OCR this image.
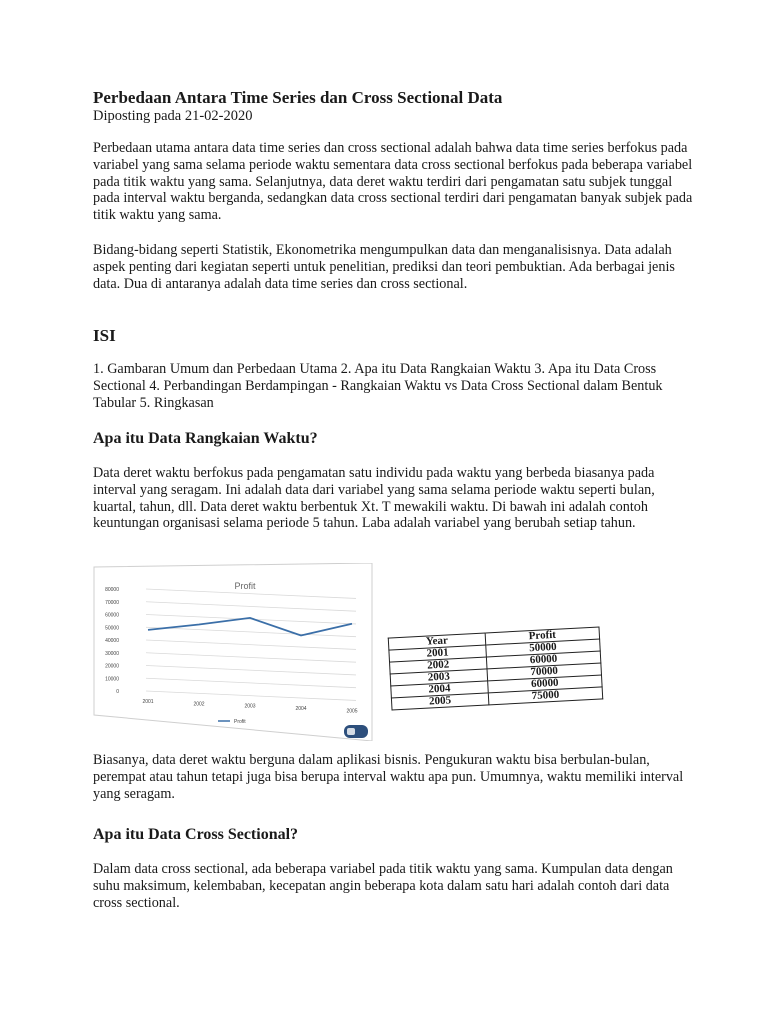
Perbedaan Antara Time Series dan Cross Sectional Data
Diposting pada 21-02-2020

Perbedaan utama antara data time series dan cross sectional adalah bahwa data time series berfokus pada variabel yang sama selama periode waktu sementara data cross sectional berfokus pada beberapa variabel pada titik waktu yang sama. Selanjutnya, data deret waktu terdiri dari pengamatan satu subjek tunggal pada interval waktu berganda, sedangkan data cross sectional terdiri dari pengamatan banyak subjek pada titik waktu yang sama.

Bidang-bidang seperti Statistik, Ekonometrika mengumpulkan data dan menganalisisnya. Data adalah aspek penting dari kegiatan seperti untuk penelitian, prediksi dan teori pembuktian. Ada berbagai jenis data. Dua di antaranya adalah data time series dan cross sectional.

ISI

1. Gambaran Umum dan Perbedaan Utama 2. Apa itu Data Rangkaian Waktu 3. Apa itu Data Cross Sectional 4. Perbandingan Berdampingan - Rangkaian Waktu vs Data Cross Sectional dalam Bentuk Tabular 5. Ringkasan

Apa itu Data Rangkaian Waktu?

Data deret waktu berfokus pada pengamatan satu individu pada waktu yang berbeda biasanya pada interval yang seragam. Ini adalah data dari variabel yang sama selama periode waktu seperti bulan, kuartal, tahun, dll. Data deret waktu berbentuk Xt. T mewakili waktu. Di bawah ini adalah contoh keuntungan organisasi selama periode 5 tahun. Laba adalah variabel yang berubah setiap tahun.

0
10000
20000
30000
40000
50000
60000
70000
80000
2001	2002	2003	2004	2005
Profit
Profit
Year	Profit
2001	50000
2002	60000
2003	70000
2004	60000
2005	75000

Biasanya, data deret waktu berguna dalam aplikasi bisnis. Pengukuran waktu bisa berbulan-bulan, perempat atau tahun tetapi juga bisa berupa interval waktu apa pun. Umumnya, waktu memiliki interval yang seragam.

Apa itu Data Cross Sectional?

Dalam data cross sectional, ada beberapa variabel pada titik waktu yang sama. Kumpulan data dengan suhu maksimum, kelembaban, kecepatan angin beberapa kota dalam satu hari adalah contoh dari data cross sectional.
